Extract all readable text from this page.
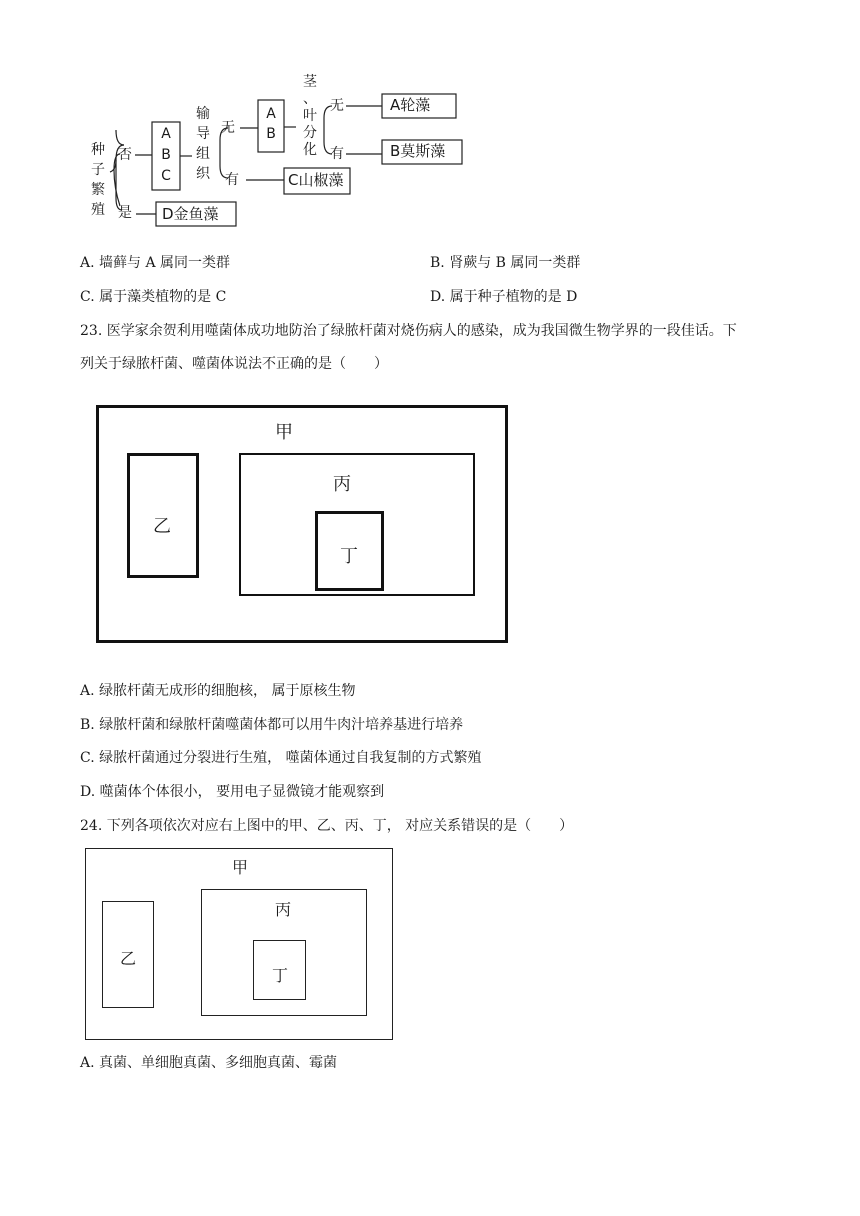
种
子
繁
殖
否
是
A
B
C
输
导
组
织
无
有
A
B
茎
、
叶
分
化
无
有
A轮藻
B莫斯藻
C山椒藻
D金鱼藻
A. 墙藓与 A 属同一类群	B. 肾蕨与 B 属同一类群
C. 属于藻类植物的是 C	D. 属于种子植物的是 D
23. 医学家余贺利用噬菌体成功地防治了绿脓杆菌对烧伤病人的感染，成为我国微生物学界的一段佳话。下
列关于绿脓杆菌、噬菌体说法不正确的是（　　）
甲
乙
丙
丁
A. 绿脓杆菌无成形的细胞核， 属于原核生物
B. 绿脓杆菌和绿脓杆菌噬菌体都可以用牛肉汁培养基进行培养
C. 绿脓杆菌通过分裂进行生殖， 噬菌体通过自我复制的方式繁殖
D. 噬菌体个体很小， 要用电子显微镜才能观察到
24. 下列各项依次对应右上图中的甲、乙、丙、丁， 对应关系错误的是（　　）
甲
乙
丙
丁
A. 真菌、单细胞真菌、多细胞真菌、霉菌
